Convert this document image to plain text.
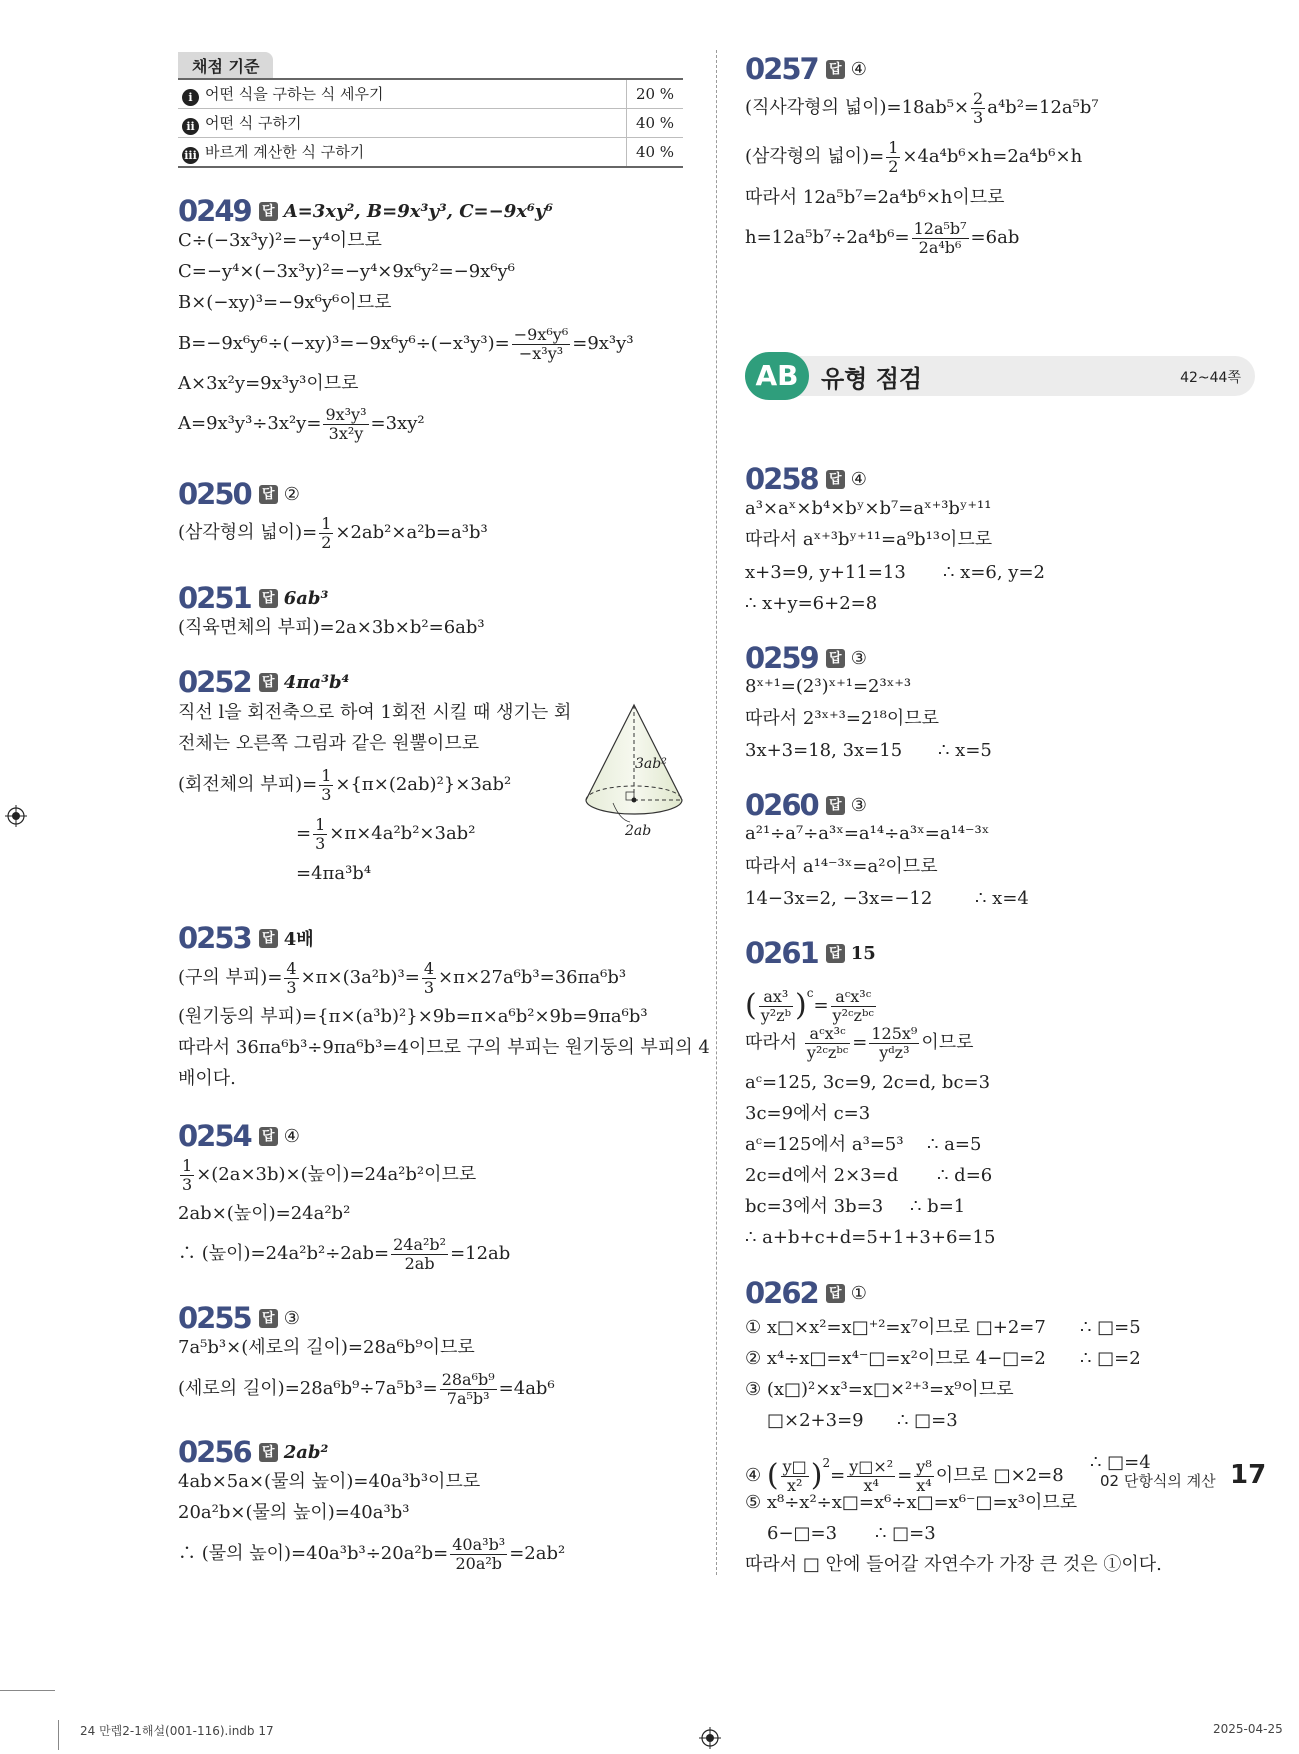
채점 기준
i 어떤 식을 구하는 식 세우기	20 %
ii 어떤 식 구하기	40 %
iii 바르게 계산한 식 구하기	40 %
0249 답 A=3xy², B=9x³y³, C=−9x⁶y⁶
C÷(−3x³y)²=−y⁴이므로
C=−y⁴×(−3x³y)²=−y⁴×9x⁶y²=−9x⁶y⁶
B×(−xy)³=−9x⁶y⁶이므로
$B=-9x^6y^6\div(-xy)^3=-9x^6y^6\div(-x^3y^3)= \frac{\text{−9x⁶y⁶}}{\text{−x³y³}} =9x^3y^3$
A×3x²y=9x³y³이므로
$A=9x^3y^3\div 3x^2y= \frac{\text{9x³y³}}{\text{3x²y}} =3xy^2$
0250 답 ②
(삼각형의 넓이)= $\frac{1}{2} \times 2ab^2\times a^2b=a^3b^3$
0251 답 6ab³
(직육면체의 부피)=2a×3b×b²=6ab³
0252 답 4πa³b⁴
직선 l을 회전축으로 하여 1회전 시킬 때 생기는 회
전체는 오른쪽 그림과 같은 원뿔이므로
(회전체의 부피)= $\frac{1}{3} \times\{\pi\times(2ab)^2\}\times 3ab^2$
= $\frac{1}{3} \times\pi\times 4a^2b^2\times 3ab^2$
=4πa³b⁴
3ab²
2ab
0253 답 4배
(구의 부피)= $\frac{4}{3} \times\pi\times(3a^2b)^3= \frac{4}{3} \times\pi\times 27a^6b^3=36\pi a^6b^3$
(원기둥의 부피)={π×(a³b)²}×9b=π×a⁶b²×9b=9πa⁶b³
따라서 36πa⁶b³÷9πa⁶b³=4이므로 구의 부피는 원기둥의 부피의 4
배이다.
0254 답 ④
$\frac{1}{3} \times(2a\times 3b)\times$(높이)=24a²b²이므로
2ab×(높이)=24a²b²
∴ (높이)$=24a^2b^2\div 2ab= \frac{\text{24a²b²}}{2ab} =12ab$
0255 답 ③
7a⁵b³×(세로의 길이)=28a⁶b⁹이므로
(세로의 길이)$=28a^6b^9\div 7a^5b^3= \frac{\text{28a⁶b⁹}}{\text{7a⁵b³}} =4ab^6$
0256 답 2ab²
4ab×5a×(물의 높이)=40a³b³이므로
20a²b×(물의 높이)=40a³b³
∴ (물의 높이)$=40a^3b^3\div 20a^2b= \frac{\text{40a³b³}}{\text{20a²b}} =2ab^2$
0257 답 ④
(직사각형의 넓이)$=18ab^5\times \frac{2}{3} a^4b^2=12a^5b^7$
(삼각형의 넓이)= $\frac{1}{2} \times 4a^4b^6\times h=2a^4b^6\times h$
따라서 12a⁵b⁷=2a⁴b⁶×h이므로
$h=12a^5b^7\div 2a^4b^6= \frac{\text{12a⁵b⁷}}{\text{2a⁴b⁶}} =6ab$
AB 유형 점검	42~44쪽
0258 답 ④
a³×aˣ×b⁴×bʸ×b⁷=aˣ⁺³bʸ⁺¹¹
따라서 aˣ⁺³bʸ⁺¹¹=a⁹b¹³이므로
x+3=9, y+11=13 ∴ x=6, y=2
∴ x+y=6+2=8
0259 답 ③
8ˣ⁺¹=(2³)ˣ⁺¹=2³ˣ⁺³
따라서 2³ˣ⁺³=2¹⁸이므로
3x+3=18, 3x=15 ∴ x=5
0260 답 ③
a²¹÷a⁷÷a³ˣ=a¹⁴÷a³ˣ=a¹⁴⁻³ˣ
따라서 a¹⁴⁻³ˣ=a²이므로
14−3x=2, −3x=−12 ∴ x=4
0261 답 15
( $\frac{\text{ax³}}{\text{y²zᵇ}} )^c= \frac{\text{aᶜx³ᶜ}}{\text{y²ᶜzᵇᶜ}}$
따라서 $\frac{\text{aᶜx³ᶜ}}{\text{y²ᶜzᵇᶜ}} = \frac{\text{125x⁹}}{\text{yᵈz³}}$ 이므로
aᶜ=125, 3c=9, 2c=d, bc=3
3c=9에서 c=3
aᶜ=125에서 a³=5³ ∴ a=5
2c=d에서 2×3=d ∴ d=6
bc=3에서 3b=3 ∴ b=1
∴ a+b+c+d=5+1+3+6=15
0262 답 ①
① x□×x²=x□⁺²=x⁷이므로 □+2=7 ∴ □=5
② x⁴÷x□=x⁴⁻□=x²이므로 4−□=2 ∴ □=2
③ (x□)²×x³=x□×²⁺³=x⁹이므로
□×2+3=9 ∴ □=3
④ ( $\frac{y□}{\text{x²}} )^2= \frac{\text{y□×²}}{\text{x⁴}} = \frac{\text{y⁸}}{\text{x⁴}}$ 이므로 □×2=8
∴ □=4
⑤ x⁸÷x²÷x□=x⁶÷x□=x⁶⁻□=x³이므로
6−□=3 ∴ □=3
따라서 □ 안에 들어갈 자연수가 가장 큰 것은 ①이다.
02 단항식의 계산 17
24 만렙2-1해설(001-116).indb 17	2025-04-25
